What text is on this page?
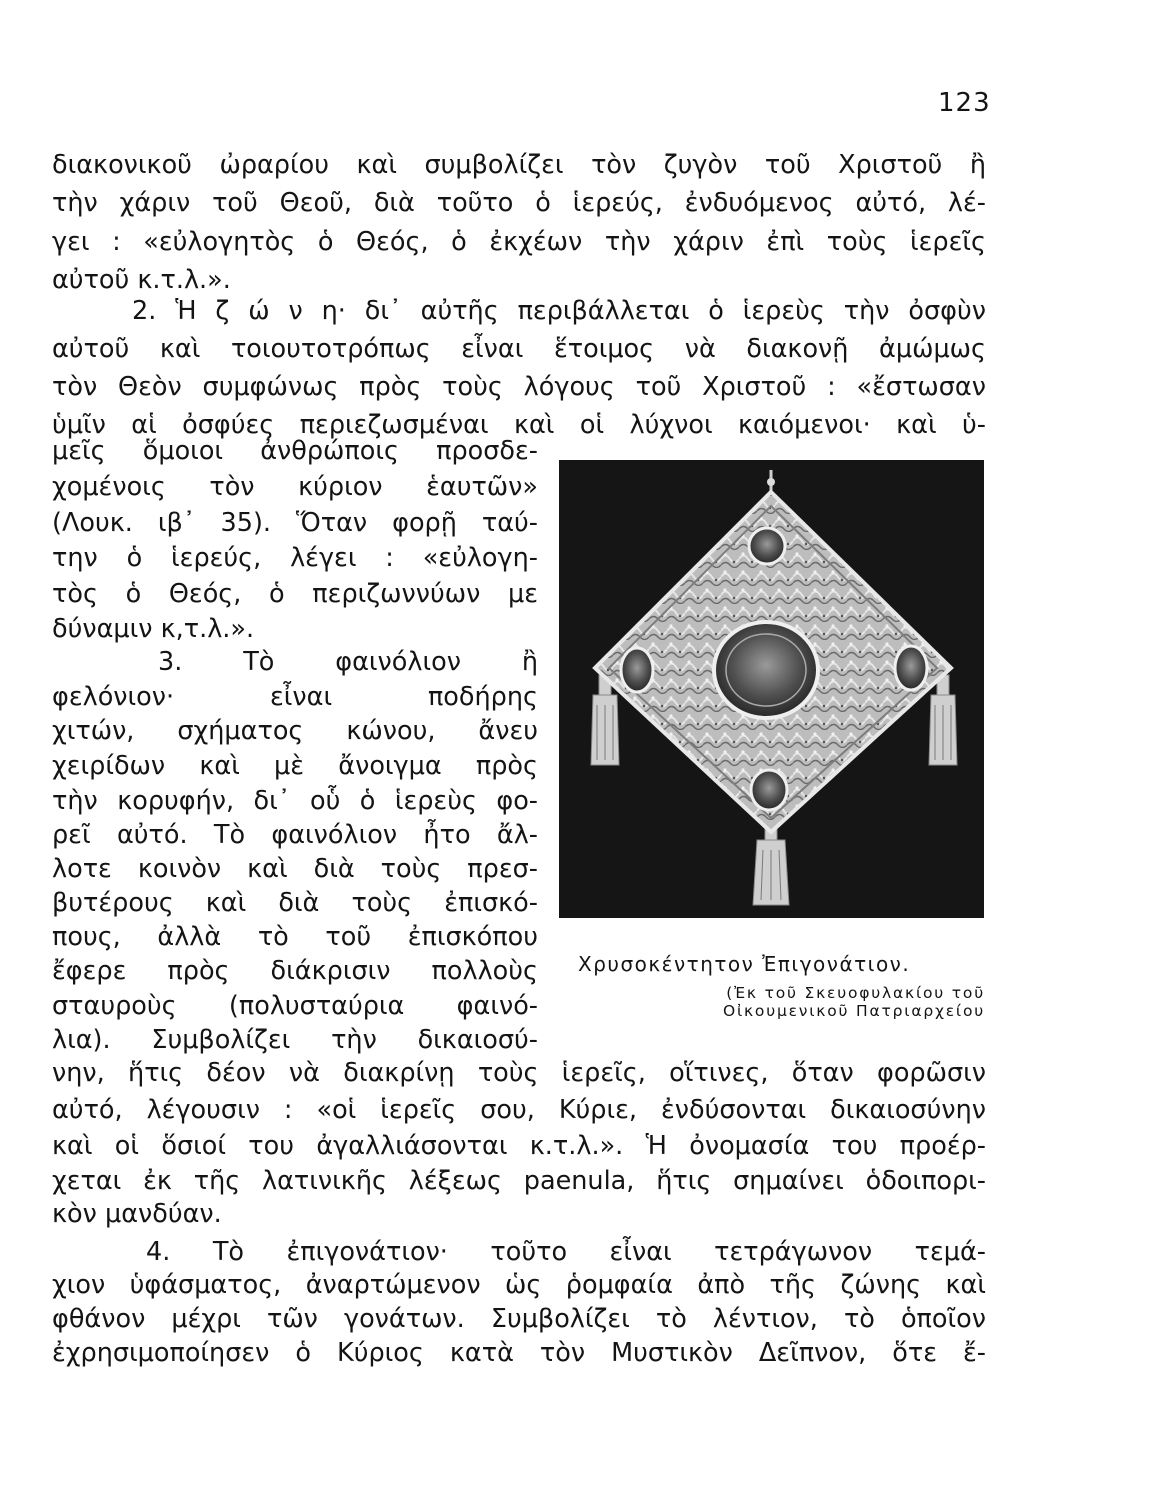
123
διακονικοῦ ὠραρίου καὶ συμβολίζει τὸν ζυγὸν τοῦ Χριστοῦ ἢ
τὴν χάριν τοῦ Θεοῦ, διὰ τοῦτο ὁ ἱερεύς, ἐνδυόμενος αὐτό, λέ-
γει : «εὐλογητὸς ὁ Θεός, ὁ ἐκχέων τὴν χάριν ἐπὶ τοὺς ἱερεῖς
αὐτοῦ κ.τ.λ.».
2. Ἡ ζ ώ ν η· δι᾽ αὐτῆς περιβάλλεται ὁ ἱερεὺς τὴν ὀσφὺν
αὐτοῦ καὶ τοιουτοτρόπως εἶναι ἕτοιμος νὰ διακονῇ ἀμώμως
τὸν Θεὸν συμφώνως πρὸς τοὺς λόγους τοῦ Χριστοῦ : «ἔστωσαν
ὑμῖν αἱ ὀσφύες περιεζωσμέναι καὶ οἱ λύχνοι καιόμενοι· καὶ ὑ-
μεῖς ὅμοιοι ἀνθρώποις προσδε-
χομένοις τὸν κύριον ἑαυτῶν»
(Λουκ. ιβ᾽ 35). Ὅταν φορῇ ταύ-
την ὁ ἱερεύς, λέγει : «εὐλογη-
τὸς ὁ Θεός, ὁ περιζωννύων με
δύναμιν κ,τ.λ.».
3. Τὸ φαινόλιον ἢ
φελόνιον· εἶναι ποδήρης
χιτών, σχήματος κώνου, ἄνευ
χειρίδων καὶ μὲ ἄνοιγμα πρὸς
τὴν κορυφήν, δι᾽ οὗ ὁ ἱερεὺς φο-
ρεῖ αὐτό. Τὸ φαινόλιον ἦτο ἄλ-
λοτε κοινὸν καὶ διὰ τοὺς πρεσ-
βυτέρους καὶ διὰ τοὺς ἐπισκό-
πους, ἀλλὰ τὸ τοῦ ἐπισκόπου
ἔφερε πρὸς διάκρισιν πολλοὺς
σταυροὺς (πολυσταύρια φαινό-
λια). Συμβολίζει τὴν δικαιοσύ-
Χρυσοκέντητον Ἐπιγονάτιον.
(Ἐκ τοῦ Σκευοφυλακίου τοῦ
Οἰκουμενικοῦ Πατριαρχείου
νην, ἥτις δέον νὰ διακρίνῃ τοὺς ἱερεῖς, οἵτινες, ὅταν φορῶσιν
αὐτό, λέγουσιν : «οἱ ἱερεῖς σου, Κύριε, ἐνδύσονται δικαιοσύνην
καὶ οἱ ὅσιοί του ἀγαλλιάσονται κ.τ.λ.». Ἡ ὀνομασία του προέρ-
χεται ἐκ τῆς λατινικῆς λέξεως paenula, ἥτις σημαίνει ὁδοιπορι-
κὸν μανδύαν.
4. Τὸ ἐπιγονάτιον· τοῦτο εἶναι τετράγωνον τεμά-
χιον ὑφάσματος, ἀναρτώμενον ὡς ῥομφαία ἀπὸ τῆς ζώνης καὶ
φθάνον μέχρι τῶν γονάτων. Συμβολίζει τὸ λέντιον, τὸ ὁποῖον
ἐχρησιμοποίησεν ὁ Κύριος κατὰ τὸν Μυστικὸν Δεῖπνον, ὅτε ἔ-
